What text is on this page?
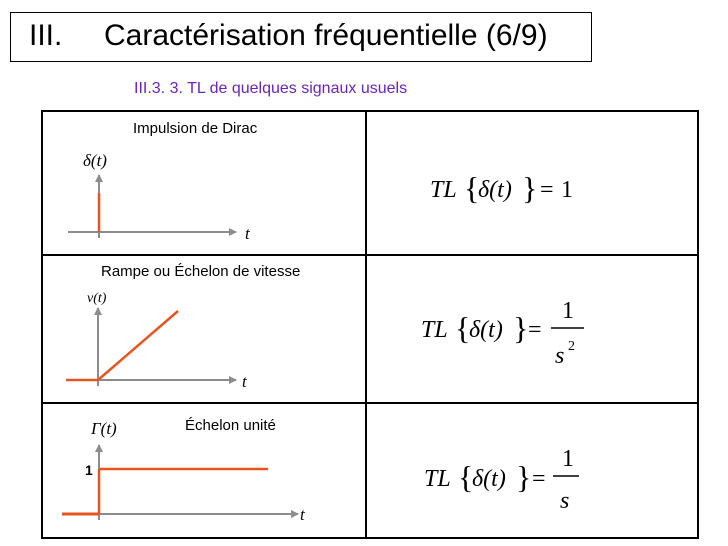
III. Caractérisation fréquentielle (6/9)
III.3. 3. TL de quelques signaux usuels
Impulsion de Dirac
Rampe ou Échelon de vitesse
Échelon unité
δ(t)
t
v(t)
t
1
Γ(t)
t
TL {
δ(t) } = 1
TL {
δ(t) } =
1
s 2
TL {
δ(t) } =
1
s
